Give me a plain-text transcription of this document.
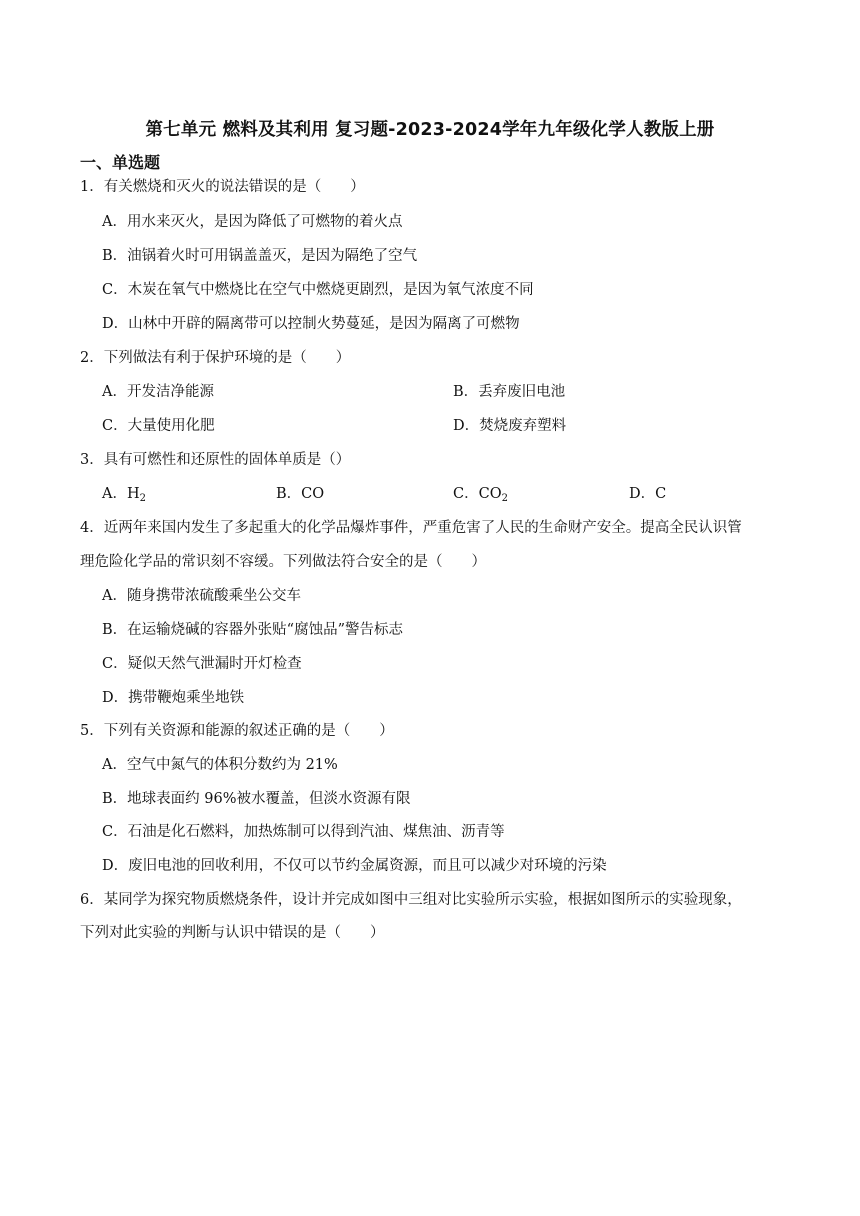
第七单元 燃料及其利用 复习题-2023-2024学年九年级化学人教版上册
一、单选题
1．有关燃烧和灭火的说法错误的是（　　）
A．用水来灭火，是因为降低了可燃物的着火点
B．油锅着火时可用锅盖盖灭，是因为隔绝了空气
C．木炭在氧气中燃烧比在空气中燃烧更剧烈，是因为氧气浓度不同
D．山林中开辟的隔离带可以控制火势蔓延，是因为隔离了可燃物
2．下列做法有利于保护环境的是（　　）
A．开发洁净能源	B．丢弃废旧电池
C．大量使用化肥	D．焚烧废弃塑料
3．具有可燃性和还原性的固体单质是（）
A．$H_2$	B．CO	C．$CO_2$	D．C
4．近两年来国内发生了多起重大的化学品爆炸事件，严重危害了人民的生命财产安全。提高全民认识管
理危险化学品的常识刻不容缓。下列做法符合安全的是（　　）
A．随身携带浓硫酸乘坐公交车
B．在运输烧碱的容器外张贴“腐蚀品”警告标志
C．疑似天然气泄漏时开灯检查
D．携带鞭炮乘坐地铁
5．下列有关资源和能源的叙述正确的是（　　）
A．空气中氮气的体积分数约为 21%
B．地球表面约 96%被水覆盖，但淡水资源有限
C．石油是化石燃料，加热炼制可以得到汽油、煤焦油、沥青等
D．废旧电池的回收利用，不仅可以节约金属资源，而且可以减少对环境的污染
6．某同学为探究物质燃烧条件，设计并完成如图中三组对比实验所示实验，根据如图所示的实验现象，
下列对此实验的判断与认识中错误的是（　　）
